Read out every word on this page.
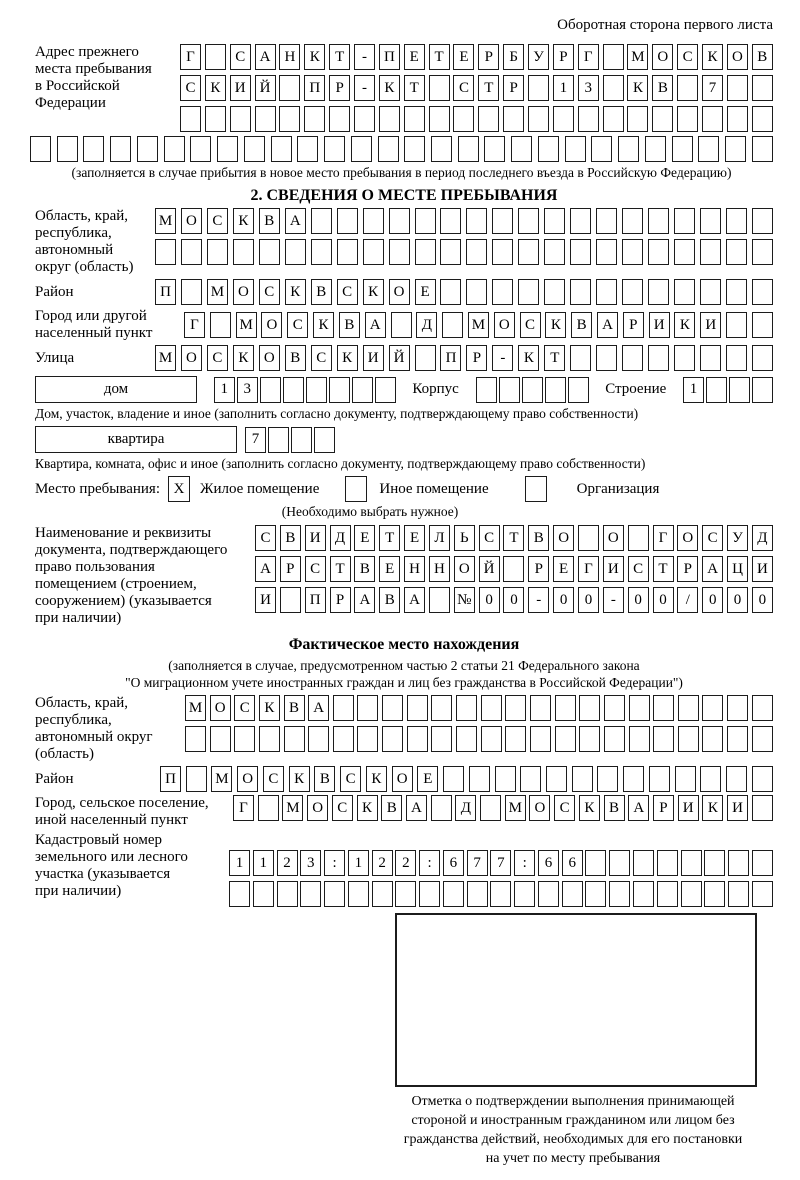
Оборотная сторона первого листа
Адрес прежнего
места пребывания
в Российской
Федерации
Г	С А Н К	Т	-	П Е	Т	Е	Р	Б	У	Р	Г	М О С К О В
С К И Й	П	Р	-	К	Т	С	Т	Р	1	3	К В	7
(заполняется в случае прибытия в новое место пребывания в период последнего въезда в Российскую Федерацию)
2. СВЕДЕНИЯ О МЕСТЕ ПРЕБЫВАНИЯ
Область, край,
республика,
автономный
округ (область)
М О	С	К	В	А
Район	П	М О	С	К	В	С	К	О	Е
Город или другой
населенный пункт
Г	М О	С	К	В	А	Д	М О	С	К	В	А	Р	И	К	И
Улица	М О	С	К	О	В	С	К	И	Й	П	Р	-	К	Т
дом	1	3	Корпус	Строение	1
Дом, участок, владение и иное (заполнить согласно документу, подтверждающему право собственности)
квартира	7
Квартира, комната, офис и иное (заполнить согласно документу, подтверждающему право собственности)
Место пребывания: X	Жилое помещение	Иное помещение	Организация
(Необходимо выбрать нужное)
Наименование и реквизиты
документа, подтверждающего
право пользования
помещением (строением,
сооружением) (указывается
при наличии)
С В И Д	Е	Т	Е	Л	Ь	С	Т	В О	О	Г	О С У Д
А	Р	С	Т	В	Е Н Н О Й	Р	Е	Г	И С	Т	Р	А Ц И
И	П	Р	А В А	№ 0	0	-	0	0	-	0	0	/	0	0	0
Фактическое место нахождения
(заполняется в случае, предусмотренном частью 2 статьи 21 Федерального закона
"О миграционном учете иностранных граждан и лиц без гражданства в Российской Федерации")
Область, край,
республика,
автономный округ
(область)
М О С К В А
Район	П	М О	С	К	В	С	К	О	Е
Город, сельское поселение,
иной населенный пункт
Г	М О С К В А	Д	М О С К В А	Р	И К И
Кадастровый номер
земельного или лесного
участка (указывается
при наличии)
1	1	2	3	:	1	2	2	:	6	7	7	:	6	6
Отметка о подтверждении выполнения принимающей
стороной и иностранным гражданином или лицом без
гражданства действий, необходимых для его постановки
на учет по месту пребывания
